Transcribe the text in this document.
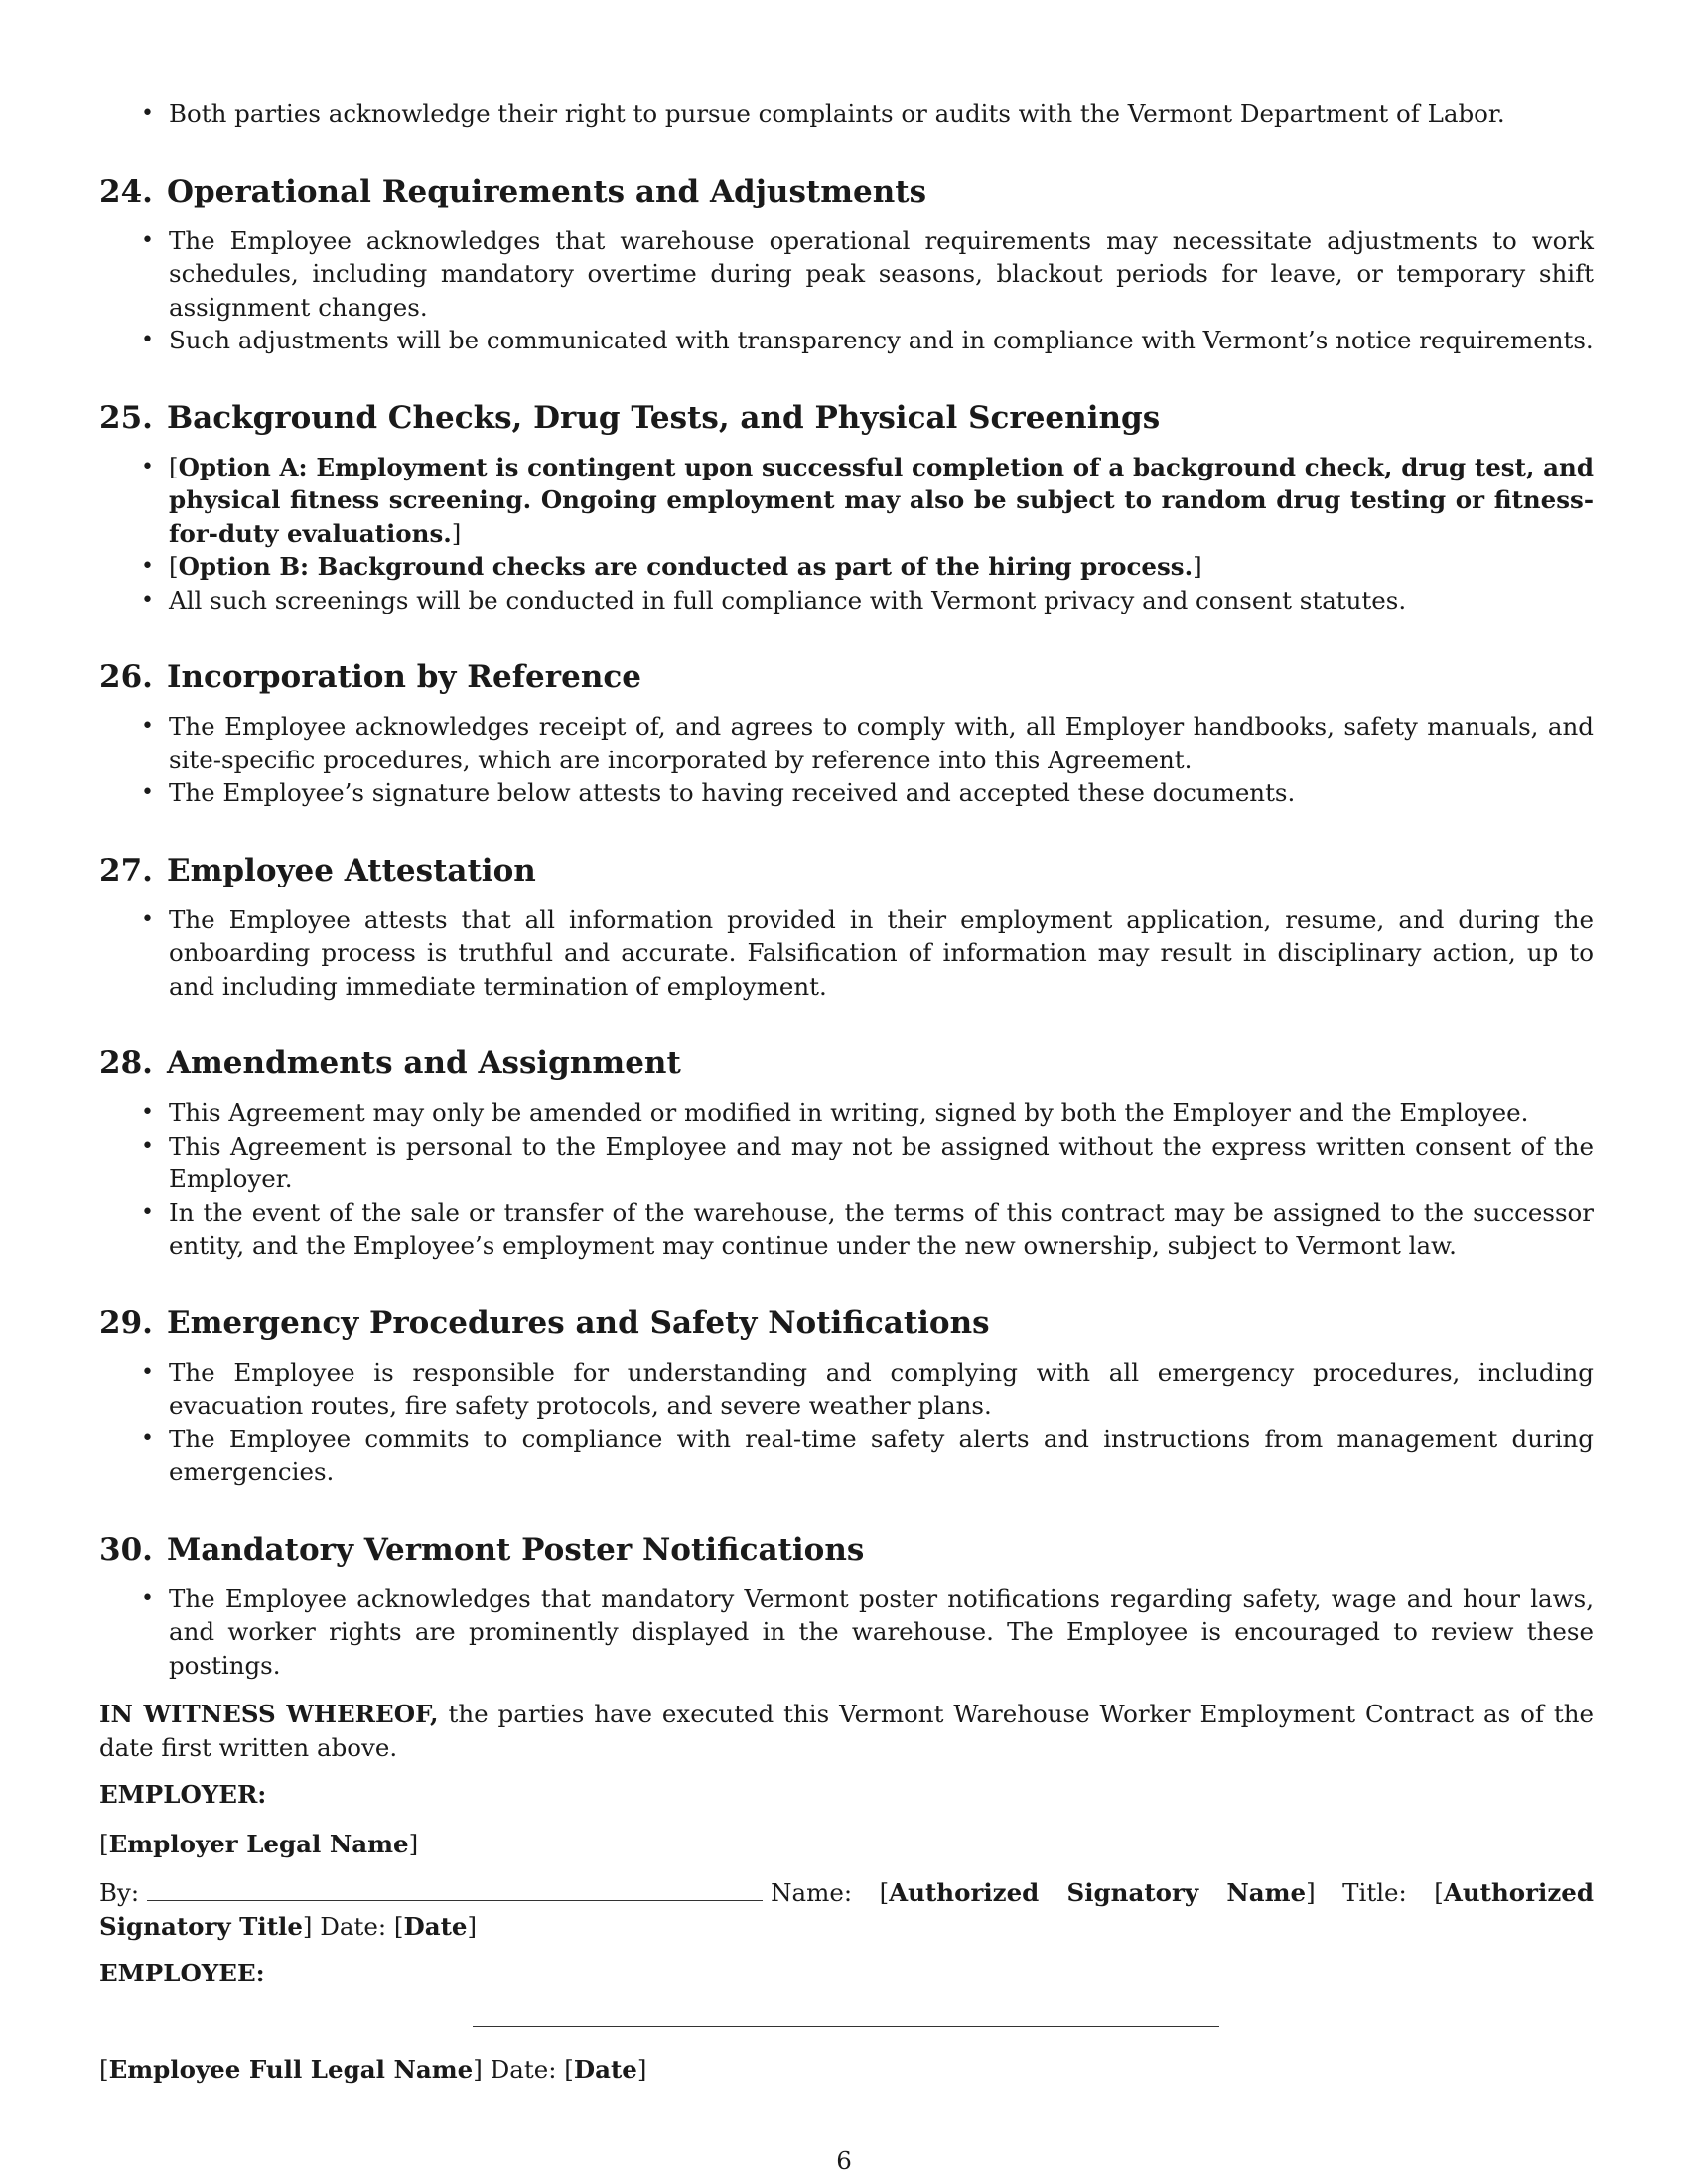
• Both parties acknowledge their right to pursue complaints or audits with the Vermont Department of Labor.
24. Operational Requirements and Adjustments
• The Employee acknowledges that warehouse operational requirements may necessitate adjustments to work schedules, including mandatory overtime during peak seasons, blackout periods for leave, or temporary shift assignment changes.
• Such adjustments will be communicated with transparency and in compliance with Vermont’s notice requirements.
25. Background Checks, Drug Tests, and Physical Screenings
• [Option A: Employment is contingent upon successful completion of a background check, drug test, and physical fitness screening. Ongoing employment may also be subject to random drug testing or fitness-for-duty evaluations.]
• [Option B: Background checks are conducted as part of the hiring process.]
• All such screenings will be conducted in full compliance with Vermont privacy and consent statutes.
26. Incorporation by Reference
• The Employee acknowledges receipt of, and agrees to comply with, all Employer handbooks, safety manuals, and site-specific procedures, which are incorporated by reference into this Agreement.
• The Employee’s signature below attests to having received and accepted these documents.
27. Employee Attestation
• The Employee attests that all information provided in their employment application, resume, and during the onboarding process is truthful and accurate. Falsification of information may result in disciplinary action, up to and including immediate termination of employment.
28. Amendments and Assignment
• This Agreement may only be amended or modified in writing, signed by both the Employer and the Employee.
• This Agreement is personal to the Employee and may not be assigned without the express written consent of the Employer.
• In the event of the sale or transfer of the warehouse, the terms of this contract may be assigned to the successor entity, and the Employee’s employment may continue under the new ownership, subject to Vermont law.
29. Emergency Procedures and Safety Notifications
• The Employee is responsible for understanding and complying with all emergency procedures, including evacuation routes, fire safety protocols, and severe weather plans.
• The Employee commits to compliance with real-time safety alerts and instructions from management during emergencies.
30. Mandatory Vermont Poster Notifications
• The Employee acknowledges that mandatory Vermont poster notifications regarding safety, wage and hour laws, and worker rights are prominently displayed in the warehouse. The Employee is encouraged to review these postings.

IN WITNESS WHEREOF, the parties have executed this Vermont Warehouse Worker Employment Contract as of the date first written above.

EMPLOYER:

[Employer Legal Name]

By:	Name: [Authorized Signatory Name] Title: [Authorized Signatory Title] Date: [Date]

EMPLOYEE:

[Employee Full Legal Name] Date: [Date]

6
